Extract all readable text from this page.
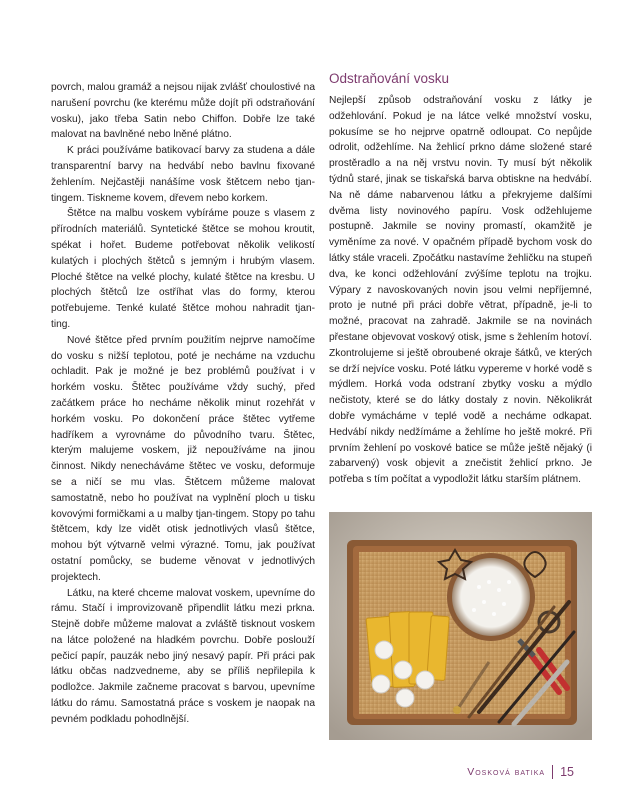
povrch, malou gramáž a nejsou nijak zvlášť choulostivé na narušení povrchu (ke kterému může dojít při odstraňování vosku), jako třeba Satin nebo Chiffon. Dobře lze také malovat na bavlněné nebo lněné plátno.

K práci používáme batikovací barvy za studena a dále transparentní barvy na hedvábí nebo bavlnu fixované žehlením. Nejčastěji nanášíme vosk štětcem nebo tjan-tingem. Tiskneme kovem, dřevem nebo korkem.

Štětce na malbu voskem vybíráme pouze s vlasem z přírodních materiálů. Syntetické štětce se mohou kroutit, spékat i hořet. Budeme potřebovat několik velikostí kulatých i plochých štětců s jemným i hrubým vlasem. Ploché štětce na velké plochy, kulaté štětce na kresbu. U plochých štětců lze ostříhat vlas do formy, kterou potřebujeme. Tenké kulaté štětce mohou nahradit tjan-ting.

Nové štětce před prvním použitím nejprve namočíme do vosku s nižší teplotou, poté je necháme na vzduchu ochladit. Pak je možné je bez problémů používat i v horkém vosku. Štětec používáme vždy suchý, před začátkem práce ho necháme několik minut rozehřát v horkém vosku. Po dokončení práce štětec vytřeme hadříkem a vyrovnáme do původního tvaru. Štětec, kterým malujeme voskem, již nepoužíváme na jinou činnost. Nikdy nenecháváme štětec ve vosku, deformuje se a ničí se mu vlas. Štětcem můžeme malovat samostatně, nebo ho používat na vyplnění ploch u tisku kovovými formičkami a u malby tjan-tingem. Stopy po tahu štětcem, kdy lze vidět otisk jednotlivých vlasů štětce, mohou být výtvarně velmi výrazné. Tomu, jak používat ostatní pomůcky, se budeme věnovat v jednotlivých projektech.

Látku, na které chceme malovat voskem, upevníme do rámu. Stačí i improvizovaně připendlit látku mezi prkna. Stejně dobře můžeme malovat a zvláště tisknout voskem na látce položené na hladkém povrchu. Dobře poslouží pečicí papír, pauzák nebo jiný nesavý papír. Při práci pak látku občas nadzvedneme, aby se příliš nepřilepila k podložce. Jakmile začneme pracovat s barvou, upevníme látku do rámu. Samostatná práce s voskem je naopak na pevném podkladu pohodlnější.

Odstraňování vosku

Nejlepší způsob odstraňování vosku z látky je odžehlování. Pokud je na látce velké množství vosku, pokusíme se ho nejprve opatrně odloupat. Co nepůjde odrolit, odžehlíme. Na žehlicí prkno dáme složené staré prostěradlo a na něj vrstvu novin. Ty musí být několik týdnů staré, jinak se tiskařská barva obtiskne na hedvábí. Na ně dáme nabarvenou látku a překryjeme dalšími dvěma listy novinového papíru. Vosk odžehlujeme postupně. Jakmile se noviny promastí, okamžitě je vyměníme za nové. V opačném případě bychom vosk do látky stále vraceli. Zpočátku nastavíme žehličku na stupeň dva, ke konci odžehlování zvýšíme teplotu na trojku. Výpary z navoskovaných novin jsou velmi nepříjemné, proto je nutné při práci dobře větrat, případně, je-li to možné, pracovat na zahradě. Jakmile se na novinách přestane objevovat voskový otisk, jsme s žehlením hotoví. Zkontrolujeme si ještě obroubené okraje šátků, ve kterých se drží nejvíce vosku. Poté látku vypereme v horké vodě s mýdlem. Horká voda odstraní zbytky vosku a mýdlo nečistoty, které se do látky dostaly z novin. Několikrát dobře vymácháme v teplé vodě a necháme odkapat. Hedvábí nikdy nedžímáme a žehlíme ho ještě mokré. Při prvním žehlení po voskové batice se může ještě nějaký (i zabarvený) vosk objevit a znečistit žehlicí prkno. Je potřeba s tím počítat a vypodložit látku starším plátnem.

Vosková batika 15
